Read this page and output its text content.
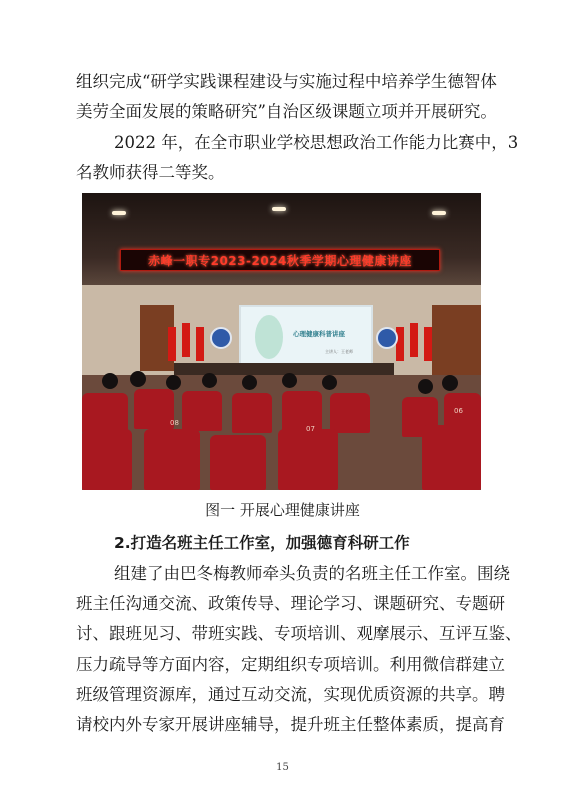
组织完成“研学实践课程建设与实施过程中培养学生德智体
美劳全面发展的策略研究”自治区级课题立项并开展研究。
2022 年，在全市职业学校思想政治工作能力比赛中，3
名教师获得二等奖。
赤峰一职专2023-2024秋季学期心理健康讲座
心理健康科普讲座
主讲人：王老师
08
07
06
图一 开展心理健康讲座
2.打造名班主任工作室，加强德育科研工作
组建了由巴冬梅教师牵头负责的名班主任工作室。围绕
班主任沟通交流、政策传导、理论学习、课题研究、专题研
讨、跟班见习、带班实践、专项培训、观摩展示、互评互鉴、
压力疏导等方面内容，定期组织专项培训。利用微信群建立
班级管理资源库，通过互动交流，实现优质资源的共享。聘
请校内外专家开展讲座辅导，提升班主任整体素质，提高育
15
